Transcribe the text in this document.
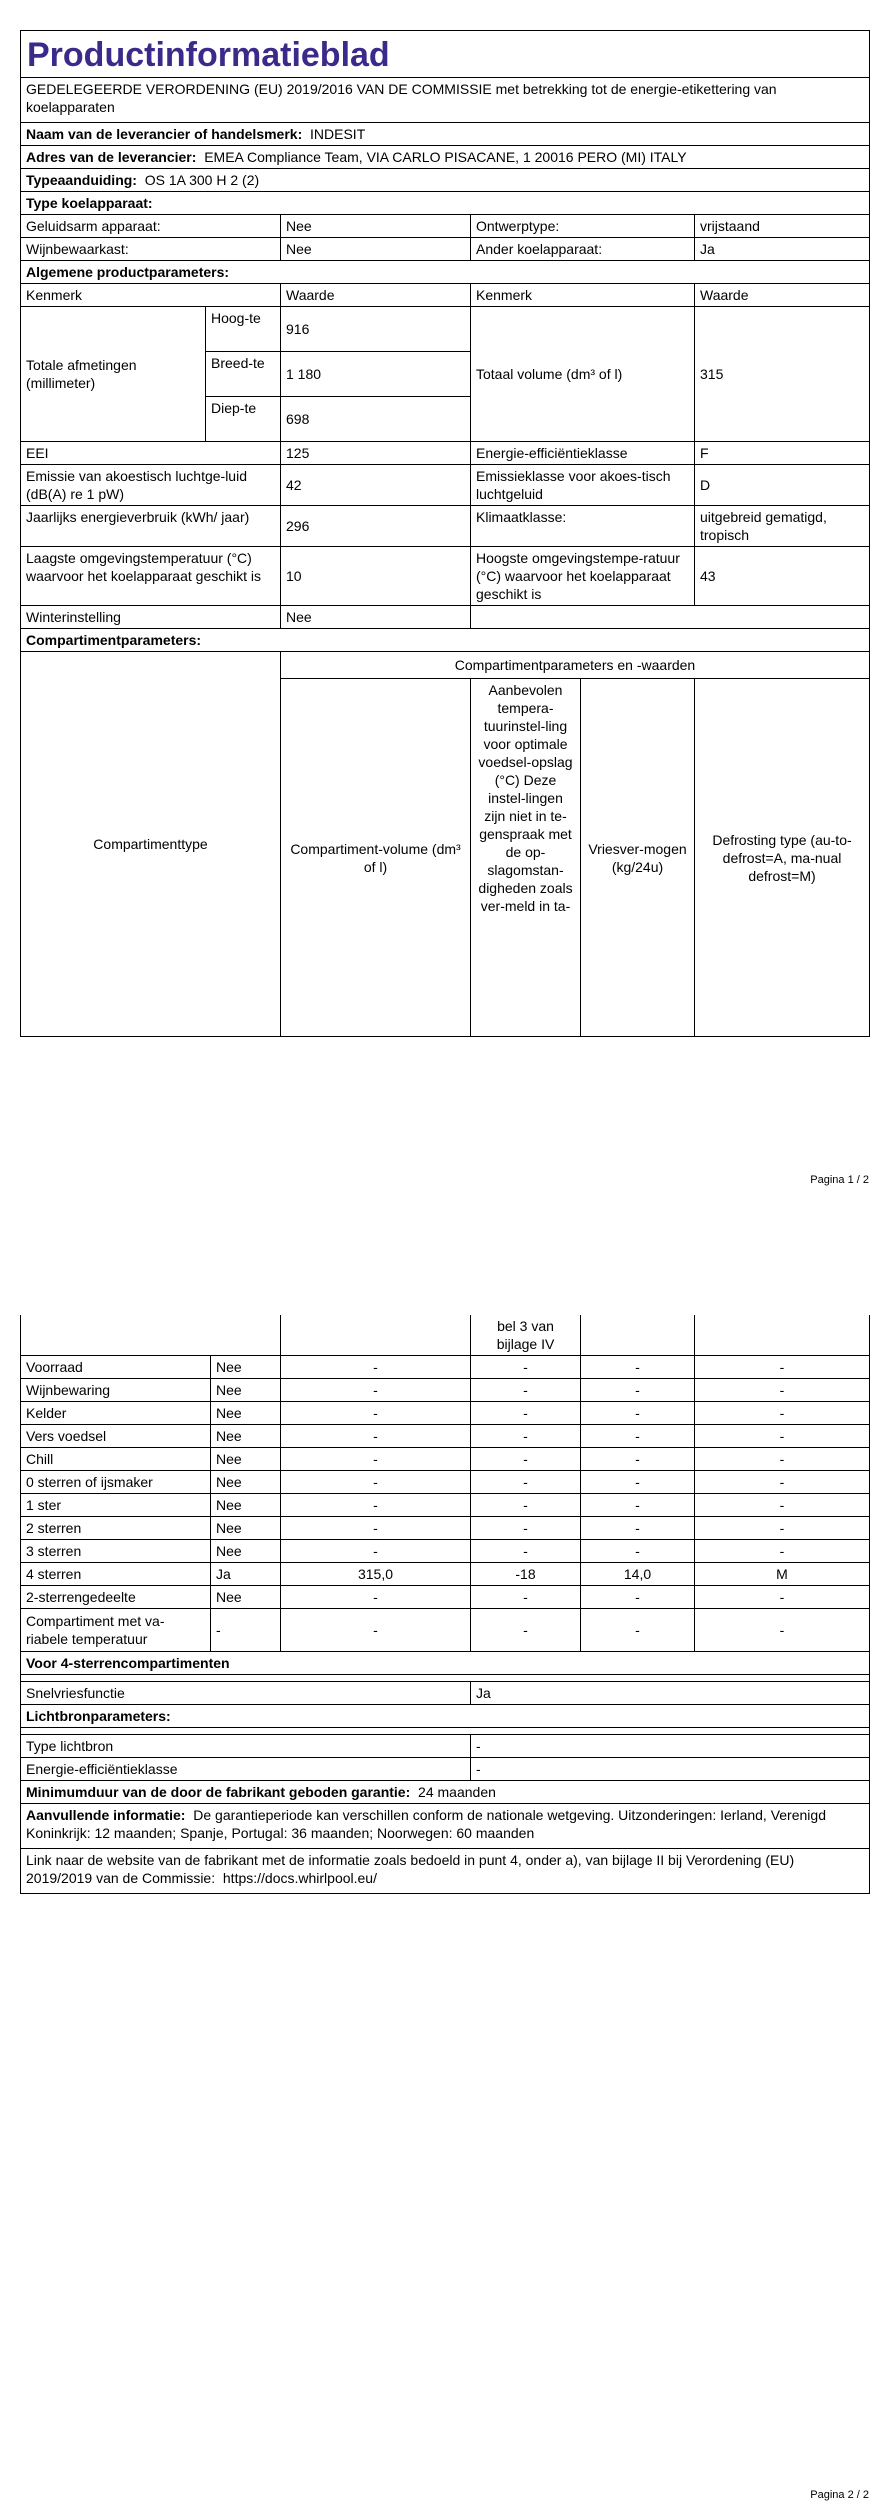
Productinformatieblad
GEDELEGEERDE VERORDENING (EU) 2019/2016 VAN DE COMMISSIE met betrekking tot de energie-etikettering van koelapparaten
Naam van de leverancier of handelsmerk: INDESIT
Adres van de leverancier: EMEA Compliance Team, VIA CARLO PISACANE, 1 20016 PERO (MI) ITALY
Typeaanduiding: OS 1A 300 H 2 (2)
Type koelapparaat:
Geluidsarm apparaat:	Nee	Ontwerptype:	vrijstaand
Wijnbewaarkast:	Nee	Ander koelapparaat:	Ja
Algemene productparameters:			
Kenmerk		Waarde	Kenmerk	Waarde
Totale afmetingen (millimeter)	Hoog-te	916	Totaal volume (dm³ of l)	315
	Breed-te	1 180		
	Diep-te	698		
EEI		125	Energie-efficiëntieklasse	F
Emissie van akoestisch luchtge-luid (dB(A) re 1 pW)		42	Emissieklasse voor akoes-tisch luchtgeluid	D
Jaarlijks energieverbruik (kWh/ jaar)		296	Klimaatklasse:	uitgebreid gematigd, tropisch
Laagste omgevingstemperatuur (°C) waarvoor het koelapparaat geschikt is		10	Hoogste omgevingstempe-ratuur (°C) waarvoor het koelapparaat geschikt is	43
Winterinstelling		Nee		
Compartimentparameters:				
Compartimenttype	Compartimentparameters en -waarden			
	Compartiment-volume (dm³ of l)	Aanbevolen tempera-tuurinstel-ling voor optimale voedsel-opslag (°C) Deze instel-lingen zijn niet in te-genspraak met de op-slagomstan-digheden zoals ver-meld in ta-	Vriesver-mogen (kg/24u)	Defrosting type (au-to-defrost=A, ma-nual defrost=M)
Pagina 1 / 2
			bel 3 van bijlage IV		
Voorraad	Nee	-	-	-	-
Wijnbewaring	Nee	-	-	-	-
Kelder	Nee	-	-	-	-
Vers voedsel	Nee	-	-	-	-
Chill	Nee	-	-	-	-
0 sterren of ijsmaker	Nee	-	-	-	-
1 ster	Nee	-	-	-	-
2 sterren	Nee	-	-	-	-
3 sterren	Nee	-	-	-	-
4 sterren	Ja	315,0	-18	14,0	M
2-sterrengedeelte	Nee	-	-	-	-
Compartiment met va-riabele temperatuur	-	-	-	-	-
Voor 4-sterrencompartimenten	

Snelvriesfunctie	Ja
Lichtbronparameters:	

Type lichtbron	-
Energie-efficiëntieklasse	-
Minimumduur van de door de fabrikant geboden garantie: 24 maanden	
Aanvullende informatie: De garantieperiode kan verschillen conform de nationale wetgeving. Uitzonderingen: Ierland, Verenigd Koninkrijk: 12 maanden; Spanje, Portugal: 36 maanden; Noorwegen: 60 maanden	
Link naar de website van de fabrikant met de informatie zoals bedoeld in punt 4, onder a), van bijlage II bij Verordening (EU) 2019/2019 van de Commissie: https://docs.whirlpool.eu/	
Pagina 2 / 2
